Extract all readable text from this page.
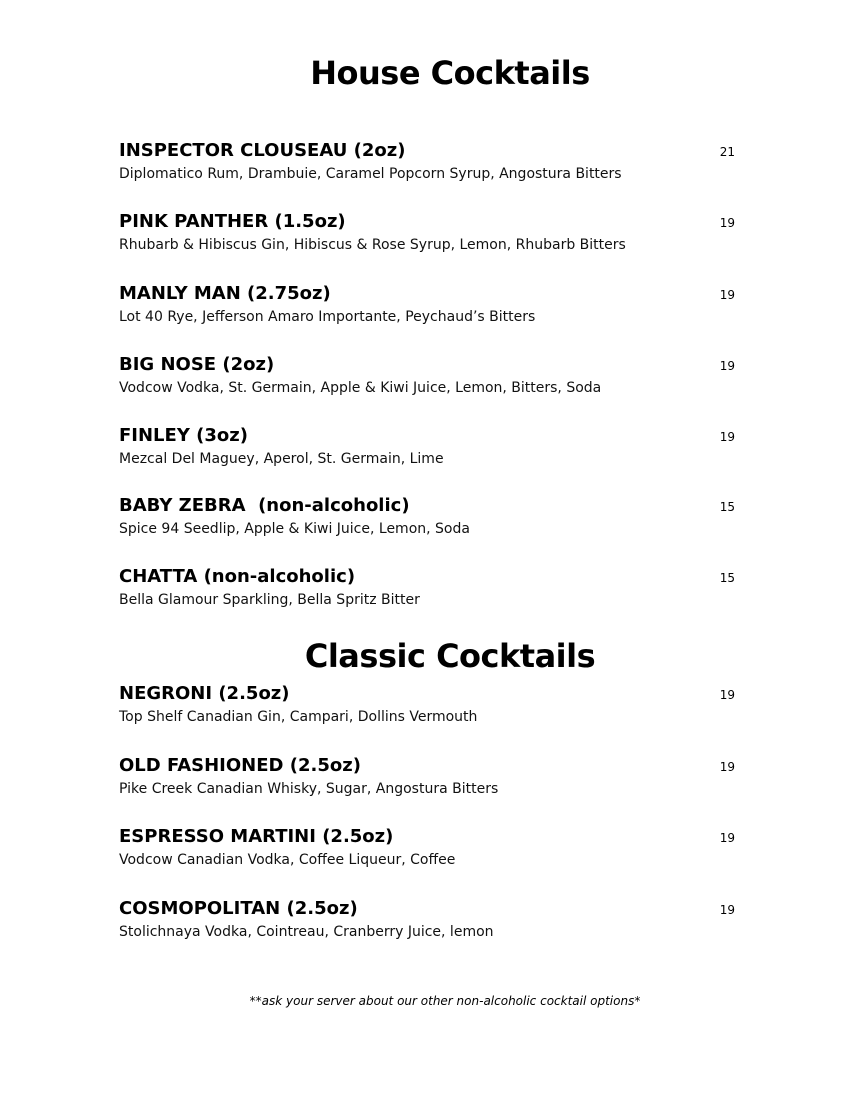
House Cocktails
INSPECTOR CLOUSEAU (2oz)	21
Diplomatico Rum, Drambuie, Caramel Popcorn Syrup, Angostura Bitters
PINK PANTHER (1.5oz)	19
Rhubarb & Hibiscus Gin, Hibiscus & Rose Syrup, Lemon, Rhubarb Bitters
MANLY MAN (2.75oz)	19
Lot 40 Rye, Jefferson Amaro Importante, Peychaud’s Bitters
BIG NOSE (2oz)	19
Vodcow Vodka, St. Germain, Apple & Kiwi Juice, Lemon, Bitters, Soda
FINLEY (3oz)	19
Mezcal Del Maguey, Aperol, St. Germain, Lime
BABY ZEBRA  (non-alcoholic)	15
Spice 94 Seedlip, Apple & Kiwi Juice, Lemon, Soda
CHATTA (non-alcoholic)	15
Bella Glamour Sparkling, Bella Spritz Bitter
Classic Cocktails
NEGRONI (2.5oz)	19
Top Shelf Canadian Gin, Campari, Dollins Vermouth
OLD FASHIONED (2.5oz)	19
Pike Creek Canadian Whisky, Sugar, Angostura Bitters
ESPRESSO MARTINI (2.5oz)	19
Vodcow Canadian Vodka, Coffee Liqueur, Coffee
COSMOPOLITAN (2.5oz)	19
Stolichnaya Vodka, Cointreau, Cranberry Juice, lemon
**ask your server about our other non-alcoholic cocktail options*
